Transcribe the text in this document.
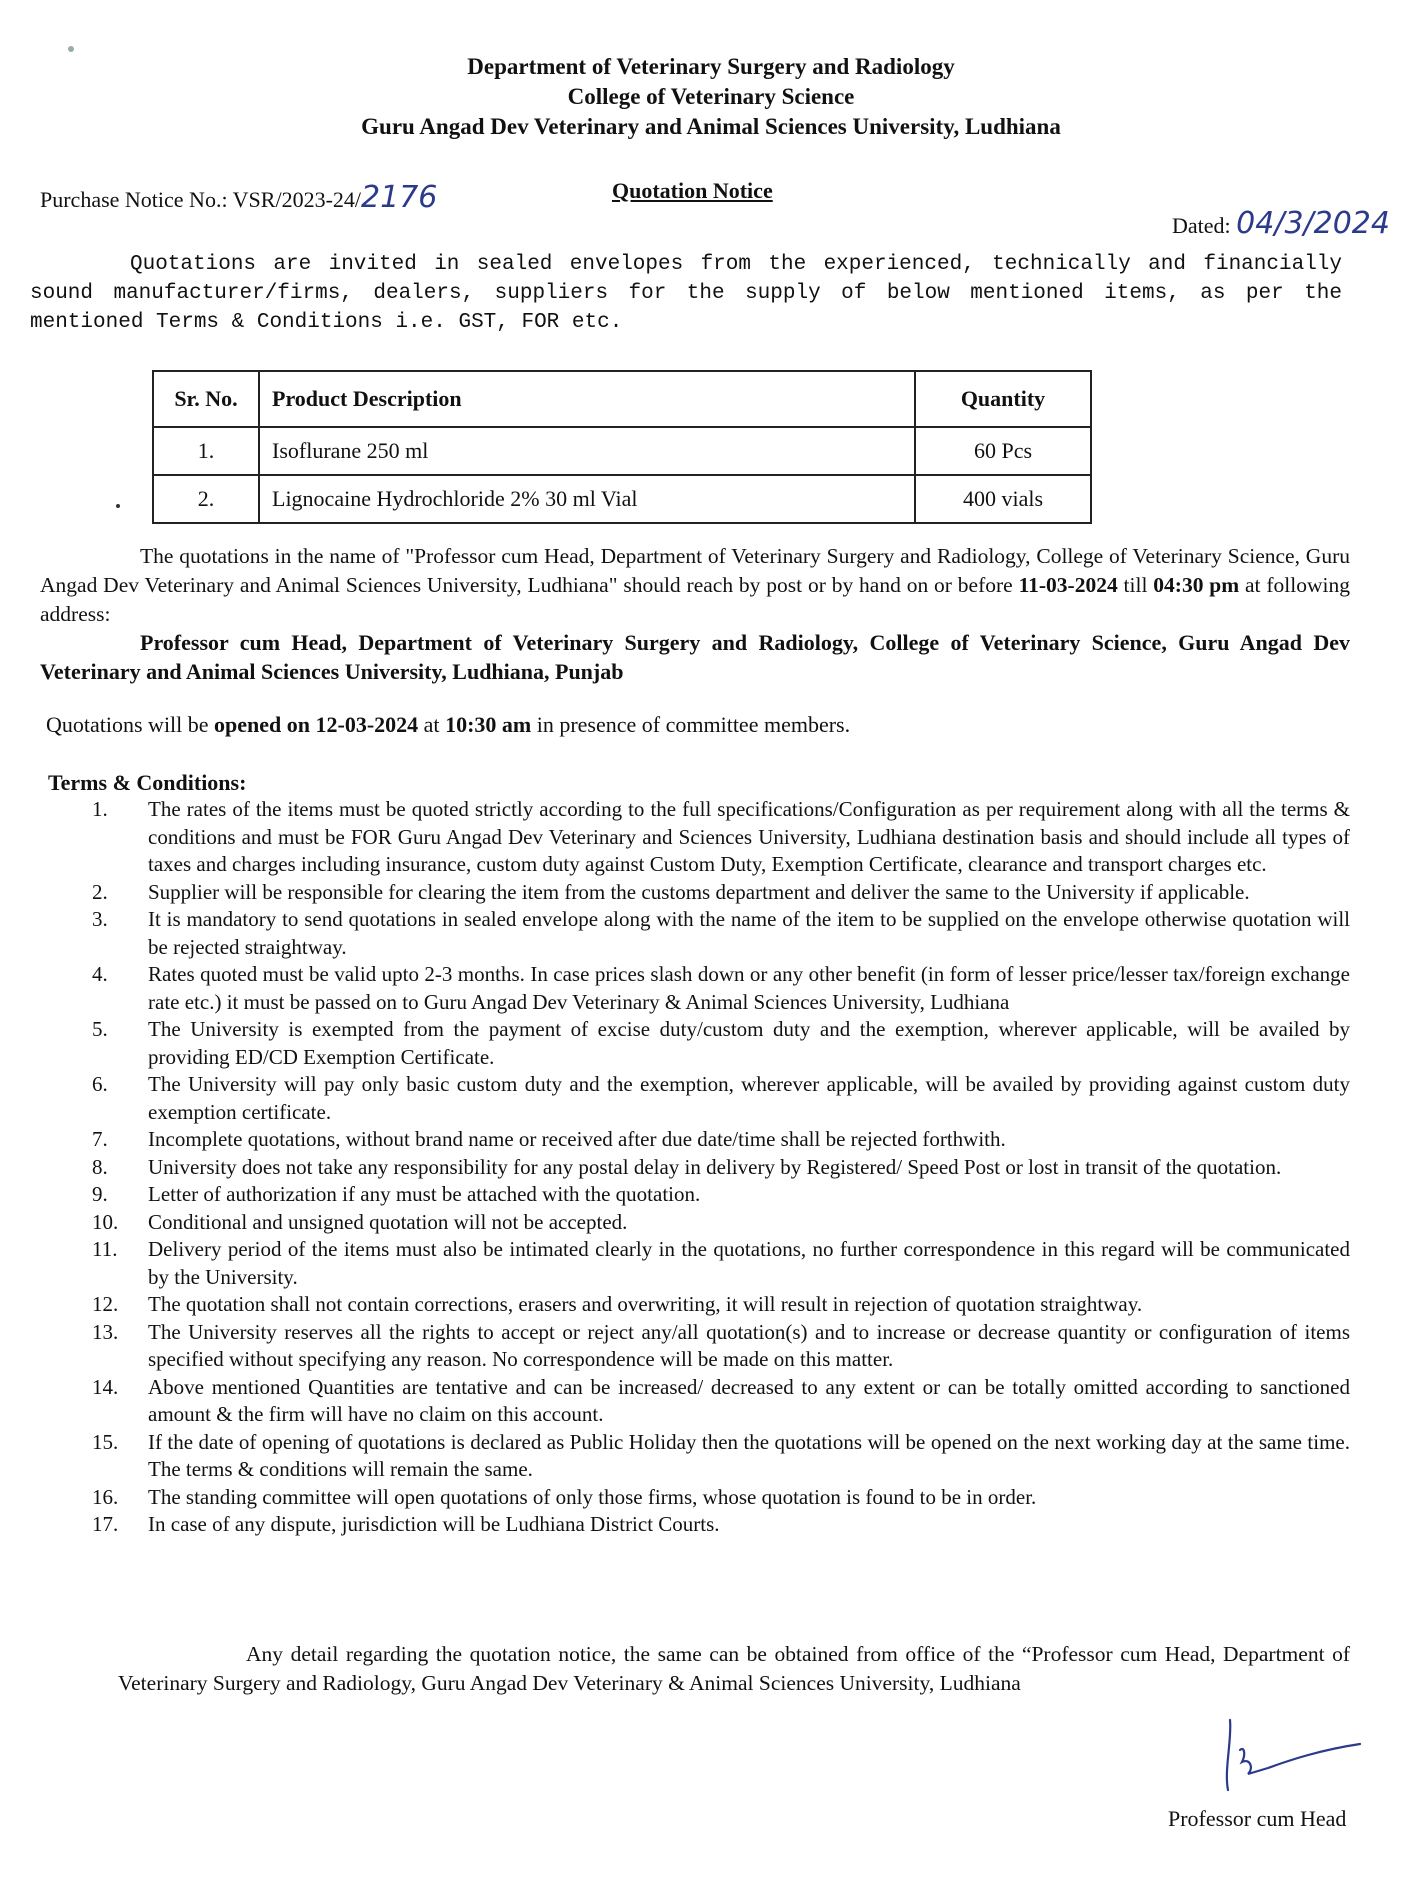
Department of Veterinary Surgery and Radiology
College of Veterinary Science
Guru Angad Dev Veterinary and Animal Sciences University, Ludhiana
Purchase Notice No.: VSR/2023-24/2176	Quotation Notice
Dated: 04/3/2024
Quotations are invited in sealed envelopes from the experienced, technically and financially sound manufacturer/firms, dealers, suppliers for the supply of below mentioned items, as per the mentioned Terms & Conditions i.e. GST, FOR etc.
Sr. No.	Product Description	Quantity
1.	Isoflurane 250 ml	60 Pcs
2.	Lignocaine Hydrochloride 2% 30 ml Vial	400 vials
The quotations in the name of "Professor cum Head, Department of Veterinary Surgery and Radiology, College of Veterinary Science, Guru Angad Dev Veterinary and Animal Sciences University, Ludhiana" should reach by post or by hand on or before 11-03-2024 till 04:30 pm at following address:
Professor cum Head, Department of Veterinary Surgery and Radiology, College of Veterinary Science, Guru Angad Dev Veterinary and Animal Sciences University, Ludhiana, Punjab
Quotations will be opened on 12-03-2024 at 10:30 am in presence of committee members.
Terms & Conditions:
1.	The rates of the items must be quoted strictly according to the full specifications/Configuration as per requirement along with all the terms & conditions and must be FOR Guru Angad Dev Veterinary and Sciences University, Ludhiana destination basis and should include all types of taxes and charges including insurance, custom duty against Custom Duty, Exemption Certificate, clearance and transport charges etc.
2.	Supplier will be responsible for clearing the item from the customs department and deliver the same to the University if applicable.
3.	It is mandatory to send quotations in sealed envelope along with the name of the item to be supplied on the envelope otherwise quotation will be rejected straightway.
4.	Rates quoted must be valid upto 2-3 months. In case prices slash down or any other benefit (in form of lesser price/lesser tax/foreign exchange rate etc.) it must be passed on to Guru Angad Dev Veterinary & Animal Sciences University, Ludhiana
5.	The University is exempted from the payment of excise duty/custom duty and the exemption, wherever applicable, will be availed by providing ED/CD Exemption Certificate.
6.	The University will pay only basic custom duty and the exemption, wherever applicable, will be availed by providing against custom duty exemption certificate.
7.	Incomplete quotations, without brand name or received after due date/time shall be rejected forthwith.
8.	University does not take any responsibility for any postal delay in delivery by Registered/ Speed Post or lost in transit of the quotation.
9.	Letter of authorization if any must be attached with the quotation.
10.	Conditional and unsigned quotation will not be accepted.
11.	Delivery period of the items must also be intimated clearly in the quotations, no further correspondence in this regard will be communicated by the University.
12.	The quotation shall not contain corrections, erasers and overwriting, it will result in rejection of quotation straightway.
13.	The University reserves all the rights to accept or reject any/all quotation(s) and to increase or decrease quantity or configuration of items specified without specifying any reason. No correspondence will be made on this matter.
14.	Above mentioned Quantities are tentative and can be increased/ decreased to any extent or can be totally omitted according to sanctioned amount & the firm will have no claim on this account.
15.	If the date of opening of quotations is declared as Public Holiday then the quotations will be opened on the next working day at the same time. The terms & conditions will remain the same.
16.	The standing committee will open quotations of only those firms, whose quotation is found to be in order.
17.	In case of any dispute, jurisdiction will be Ludhiana District Courts.
Any detail regarding the quotation notice, the same can be obtained from office of the “Professor cum Head, Department of Veterinary Surgery and Radiology, Guru Angad Dev Veterinary & Animal Sciences University, Ludhiana
Professor cum Head
